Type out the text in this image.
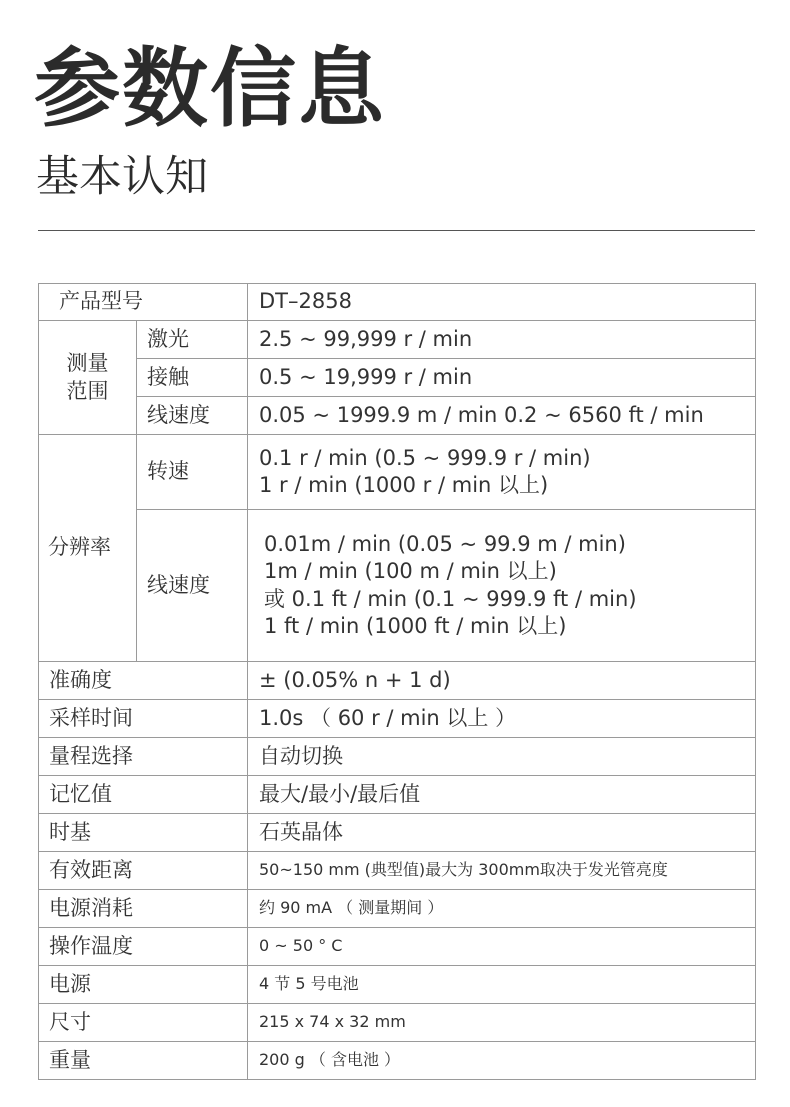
参数信息
基本认知
产品型号		DT–2858

测量
范围	激光	2.5 ~ 99,999 r / min
	接触	0.5 ~ 19,999 r / min
	线速度	0.05 ~ 1999.9 m / min 0.2 ~ 6560 ft / min
分辨率	转速	0.1 r / min (0.5 ~ 999.9 r / min)
1 r / min (1000 r / min 以上)

	线速度	0.01m / min (0.05 ~ 99.9 m / min)
1m / min (100 m / min 以上)
或 0.1 ft / min (0.1 ~ 999.9 ft / min)
1 ft / min (1000 ft / min 以上)

准确度		± (0.05% n + 1 d)
采样时间		1.0s （ 60 r / min 以上 ）
量程选择		自动切换
记忆值		最大/最小/最后值
时基		石英晶体
有效距离		50~150 mm (典型值)最大为 300mm取决于发光管亮度
电源消耗		约 90 mA （ 测量期间 ）
操作温度		0 ~ 50 ° C
电源		4 节 5 号电池
尺寸		215 x 74 x 32 mm
重量		200 g （ 含电池 ）
